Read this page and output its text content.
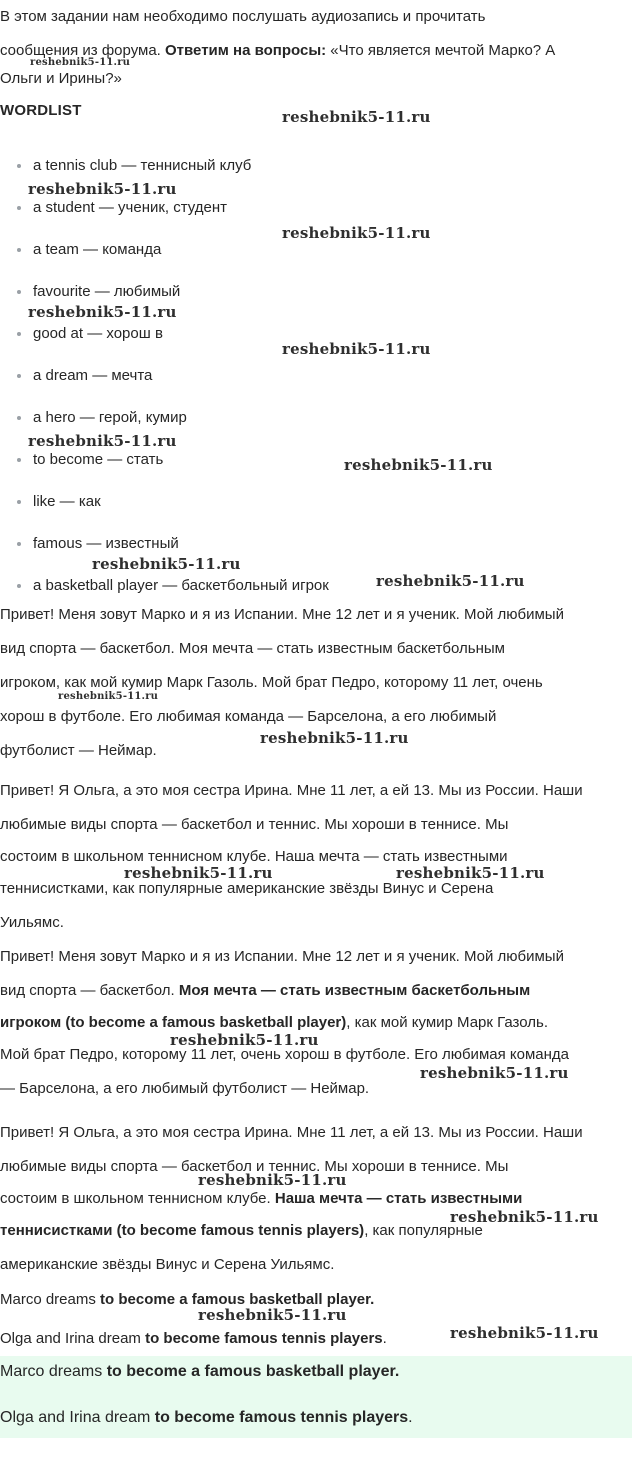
В этом задании нам необходимо послушать аудиозапись и прочитать
сообщения из форума. Ответим на вопросы: «Что является мечтой Марко? А
Ольги и Ирины?»
WORDLIST
a tennis club — теннисный клуб
a student — ученик, студент
a team — команда
favourite — любимый
good at — хорош в
a dream — мечта
a hero — герой, кумир
to become — стать
like — как
famous — известный
a basketball player — баскетбольный игрок
Привет! Меня зовут Марко и я из Испании. Мне 12 лет и я ученик. Мой любимый
вид спорта — баскетбол. Моя мечта — стать известным баскетбольным
игроком, как мой кумир Марк Газоль. Мой брат Педро, которому 11 лет, очень
хорош в футболе. Его любимая команда — Барселона, а его любимый
футболист — Неймар.
Привет! Я Ольга, а это моя сестра Ирина. Мне 11 лет, а ей 13. Мы из России. Наши
любимые виды спорта — баскетбол и теннис. Мы хороши в теннисе. Мы
состоим в школьном теннисном клубе. Наша мечта — стать известными
теннисистками, как популярные американские звёзды Винус и Серена
Уильямс.
Привет! Меня зовут Марко и я из Испании. Мне 12 лет и я ученик. Мой любимый
вид спорта — баскетбол. Моя мечта — стать известным баскетбольным
игроком (to become a famous basketball player), как мой кумир Марк Газоль.
Мой брат Педро, которому 11 лет, очень хорош в футболе. Его любимая команда
— Барселона, а его любимый футболист — Неймар.
Привет! Я Ольга, а это моя сестра Ирина. Мне 11 лет, а ей 13. Мы из России. Наши
любимые виды спорта — баскетбол и теннис. Мы хороши в теннисе. Мы
состоим в школьном теннисном клубе. Наша мечта — стать известными
теннисистками (to become famous tennis players), как популярные
американские звёзды Винус и Серена Уильямс.
Marco dreams to become a famous basketball player.
Olga and Irina dream to become famous tennis players.
Marco dreams to become a famous basketball player.
Olga and Irina dream to become famous tennis players.
reshebnik5-11.ru
reshebnik5-11.ru
reshebnik5-11.ru
reshebnik5-11.ru
reshebnik5-11.ru
reshebnik5-11.ru
reshebnik5-11.ru
reshebnik5-11.ru
reshebnik5-11.ru
reshebnik5-11.ru
reshebnik5-11.ru
reshebnik5-11.ru
reshebnik5-11.ru	reshebnik5-11.ru
reshebnik5-11.ru
reshebnik5-11.ru
reshebnik5-11.ru
reshebnik5-11.ru
reshebnik5-11.ru
reshebnik5-11.ru
